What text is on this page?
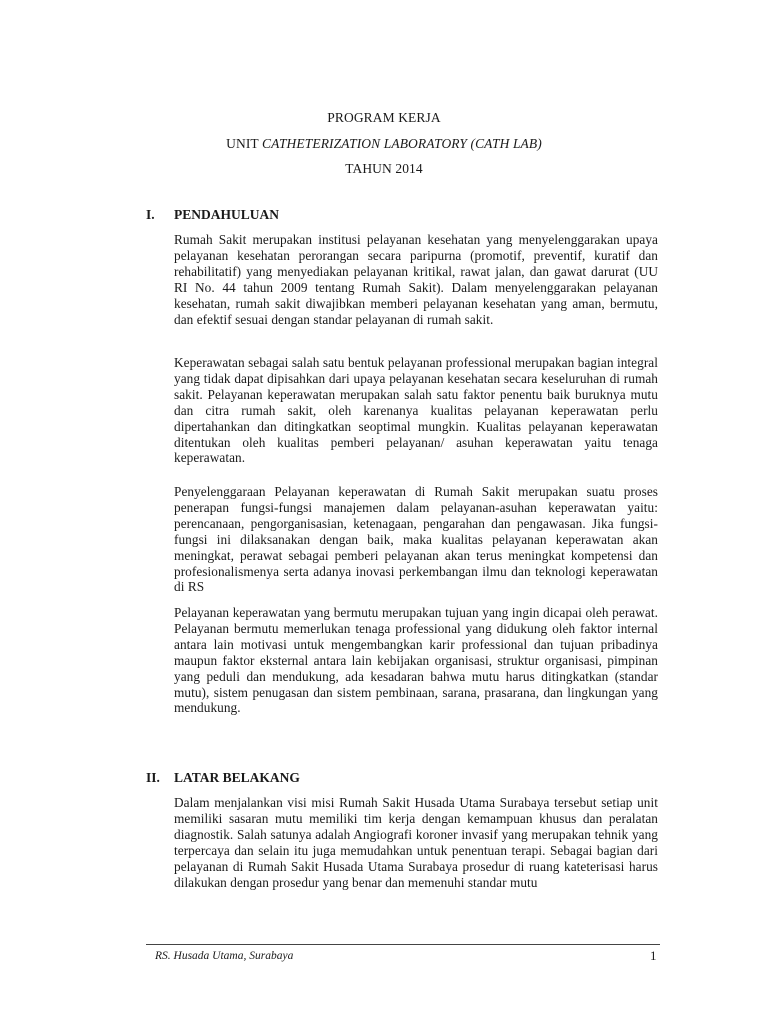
PROGRAM KERJA
UNIT CATHETERIZATION LABORATORY (CATH LAB)
TAHUN 2014
I. PENDAHULUAN

Rumah Sakit merupakan institusi pelayanan kesehatan yang menyelenggarakan upaya pelayanan kesehatan perorangan secara paripurna (promotif, preventif, kuratif dan rehabilitatif) yang menyediakan pelayanan kritikal, rawat jalan, dan gawat darurat (UU RI No. 44 tahun 2009 tentang Rumah Sakit). Dalam menyelenggarakan pelayanan kesehatan, rumah sakit diwajibkan memberi pelayanan kesehatan yang aman, bermutu, dan efektif sesuai dengan standar pelayanan di rumah sakit.

Keperawatan sebagai salah satu bentuk pelayanan professional merupakan bagian integral yang tidak dapat dipisahkan dari upaya pelayanan kesehatan secara keseluruhan di rumah sakit. Pelayanan keperawatan merupakan salah satu faktor penentu baik buruknya mutu dan citra rumah sakit, oleh karenanya kualitas pelayanan keperawatan perlu dipertahankan dan ditingkatkan seoptimal mungkin. Kualitas pelayanan keperawatan ditentukan oleh kualitas pemberi pelayanan/ asuhan keperawatan yaitu tenaga keperawatan.

Penyelenggaraan Pelayanan keperawatan di Rumah Sakit merupakan suatu proses penerapan fungsi-fungsi manajemen dalam pelayanan-asuhan keperawatan yaitu: perencanaan, pengorganisasian, ketenagaan, pengarahan dan pengawasan. Jika fungsi-fungsi ini dilaksanakan dengan baik, maka kualitas pelayanan keperawatan akan meningkat, perawat sebagai pemberi pelayanan akan terus meningkat kompetensi dan profesionalismenya serta adanya inovasi perkembangan ilmu dan teknologi keperawatan di RS

Pelayanan keperawatan yang bermutu merupakan tujuan yang ingin dicapai oleh perawat. Pelayanan bermutu memerlukan tenaga professional yang didukung oleh faktor internal antara lain motivasi untuk mengembangkan karir professional dan tujuan pribadinya maupun faktor eksternal antara lain kebijakan organisasi, struktur organisasi, pimpinan yang peduli dan mendukung, ada kesadaran bahwa mutu harus ditingkatkan (standar mutu), sistem penugasan dan sistem pembinaan, sarana, prasarana, dan lingkungan yang mendukung.

II. LATAR BELAKANG

Dalam menjalankan visi misi Rumah Sakit Husada Utama Surabaya tersebut setiap unit memiliki sasaran mutu memiliki tim kerja dengan kemampuan khusus dan peralatan diagnostik. Salah satunya adalah Angiografi koroner invasif yang merupakan tehnik yang terpercaya dan selain itu juga memudahkan untuk penentuan terapi. Sebagai bagian dari pelayanan di Rumah Sakit Husada Utama Surabaya prosedur di ruang kateterisasi harus dilakukan dengan prosedur yang benar dan memenuhi standar mutu

RS. Husada Utama, Surabaya	1
